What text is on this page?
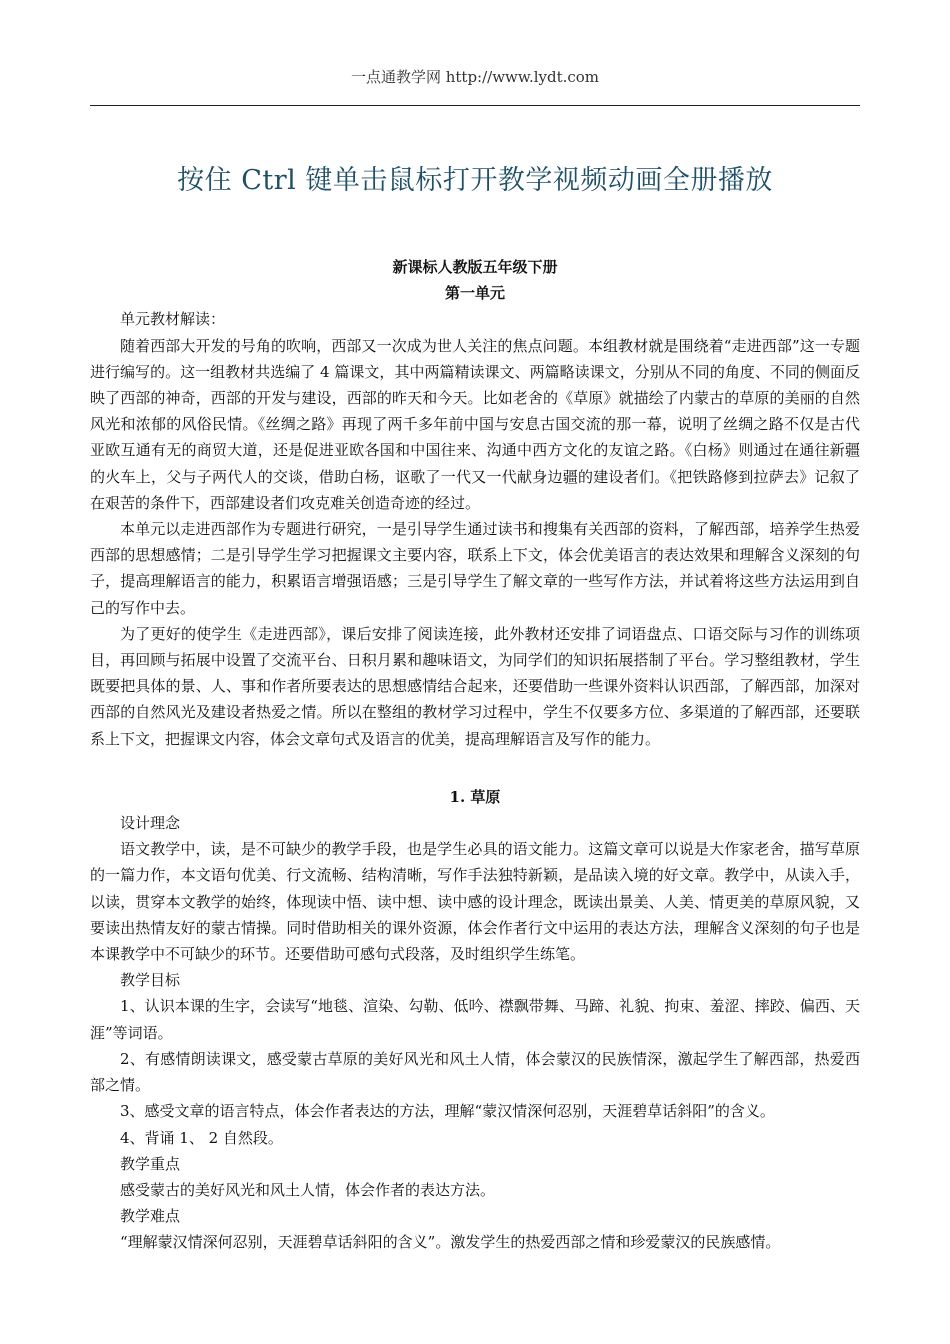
一点通教学网 http://www.lydt.com
按住 Ctrl 键单击鼠标打开教学视频动画全册播放

新课标人教版五年级下册

第一单元

单元教材解读：

随着西部大开发的号角的吹响，西部又一次成为世人关注的焦点问题。本组教材就是围绕着“走进西部”这一专题进行编写的。这一组教材共选编了 4 篇课文，其中两篇精读课文、两篇略读课文，分别从不同的角度、不同的侧面反映了西部的神奇，西部的开发与建设，西部的昨天和今天。比如老舍的《草原》就描绘了内蒙古的草原的美丽的自然风光和浓郁的风俗民情。《丝绸之路》再现了两千多年前中国与安息古国交流的那一幕，说明了丝绸之路不仅是古代亚欧互通有无的商贸大道，还是促进亚欧各国和中国往来、沟通中西方文化的友谊之路。《白杨》则通过在通往新疆的火车上，父与子两代人的交谈，借助白杨，讴歌了一代又一代献身边疆的建设者们。《把铁路修到拉萨去》记叙了在艰苦的条件下，西部建设者们攻克难关创造奇迹的经过。

本单元以走进西部作为专题进行研究，一是引导学生通过读书和搜集有关西部的资料，了解西部，培养学生热爱西部的思想感情；二是引导学生学习把握课文主要内容，联系上下文，体会优美语言的表达效果和理解含义深刻的句子，提高理解语言的能力，积累语言增强语感；三是引导学生了解文章的一些写作方法，并试着将这些方法运用到自己的写作中去。

为了更好的使学生《走进西部》，课后安排了阅读连接，此外教材还安排了词语盘点、口语交际与习作的训练项目，再回顾与拓展中设置了交流平台、日积月累和趣味语文，为同学们的知识拓展搭制了平台。学习整组教材，学生既要把具体的景、人、事和作者所要表达的思想感情结合起来，还要借助一些课外资料认识西部，了解西部，加深对西部的自然风光及建设者热爱之情。所以在整组的教材学习过程中，学生不仅要多方位、多渠道的了解西部，还要联系上下文，把握课文内容，体会文章句式及语言的优美，提高理解语言及写作的能力。

1. 草原

设计理念

语文教学中，读，是不可缺少的教学手段，也是学生必具的语文能力。这篇文章可以说是大作家老舍，描写草原的一篇力作，本文语句优美、行文流畅、结构清晰，写作手法独特新颖，是品读入境的好文章。教学中，从读入手，以读，贯穿本文教学的始终，体现读中悟、读中想、读中感的设计理念，既读出景美、人美、情更美的草原风貌，又要读出热情友好的蒙古情操。同时借助相关的课外资源，体会作者行文中运用的表达方法，理解含义深刻的句子也是本课教学中不可缺少的环节。还要借助可感句式段落，及时组织学生练笔。

教学目标

1、认识本课的生字，会读写“地毯、渲染、勾勒、低吟、襟飘带舞、马蹄、礼貌、拘束、羞涩、摔跤、偏西、天涯”等词语。

2、有感情朗读课文，感受蒙古草原的美好风光和风土人情，体会蒙汉的民族情深，激起学生了解西部，热爱西部之情。

3、感受文章的语言特点，体会作者表达的方法，理解“蒙汉情深何忍别，天涯碧草话斜阳”的含义。

4、背诵 1、 2 自然段。

教学重点

感受蒙古的美好风光和风土人情，体会作者的表达方法。

教学难点

“理解蒙汉情深何忍别，天涯碧草话斜阳的含义”。激发学生的热爱西部之情和珍爱蒙汉的民族感情。
